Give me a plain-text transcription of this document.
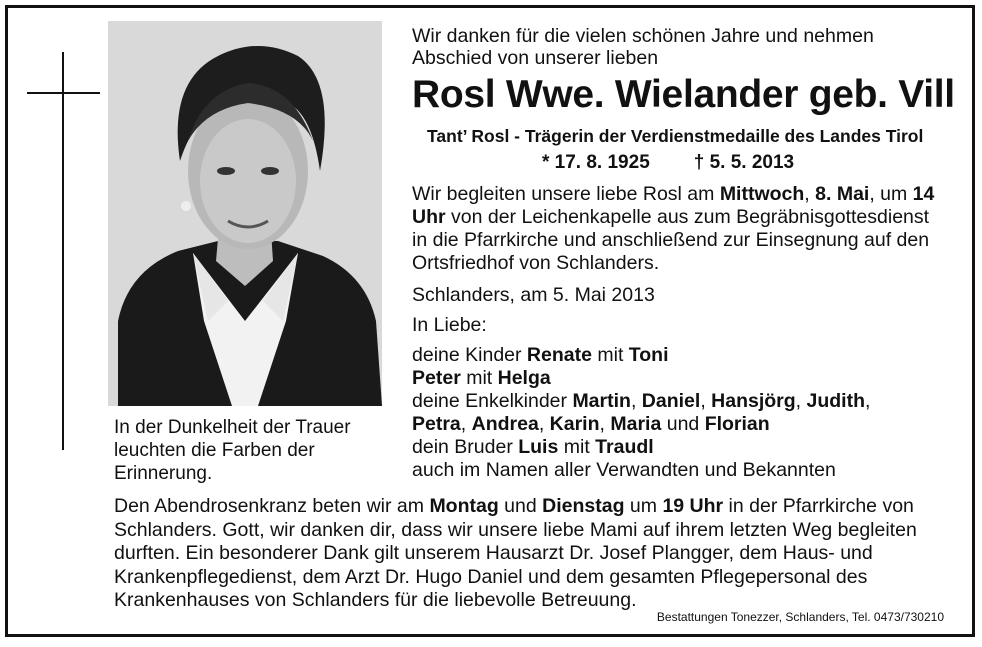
In der Dunkelheit der Trauer leuchten die Farben der Erinnerung.
Wir danken für die vielen schönen Jahre und nehmen Abschied von unserer lieben
Rosl Wwe. Wielander geb. Vill
Tant’ Rosl - Trägerin der Verdienstmedaille des Landes Tirol
* 17. 8. 1925 † 5. 5. 2013
Wir begleiten unsere liebe Rosl am Mittwoch, 8. Mai, um 14 Uhr von der Leichenkapelle aus zum Begräbnisgottesdienst in die Pfarrkirche und anschließend zur Einsegnung auf den Ortsfriedhof von Schlanders.
Schlanders, am 5. Mai 2013
In Liebe:
deine Kinder Renate mit Toni
Peter mit Helga
deine Enkelkinder Martin, Daniel, Hansjörg, Judith,
Petra, Andrea, Karin, Maria und Florian
dein Bruder Luis mit Traudl
auch im Namen aller Verwandten und Bekannten
Den Abendrosenkranz beten wir am Montag und Dienstag um 19 Uhr in der Pfarrkirche von Schlanders. Gott, wir danken dir, dass wir unsere liebe Mami auf ihrem letzten Weg begleiten durften. Ein besonderer Dank gilt unserem Hausarzt Dr. Josef Plangger, dem Haus- und Krankenpflegedienst, dem Arzt Dr. Hugo Daniel und dem gesamten Pflegepersonal des Krankenhauses von Schlanders für die liebevolle Betreuung.
Bestattungen Tonezzer, Schlanders, Tel. 0473/730210
